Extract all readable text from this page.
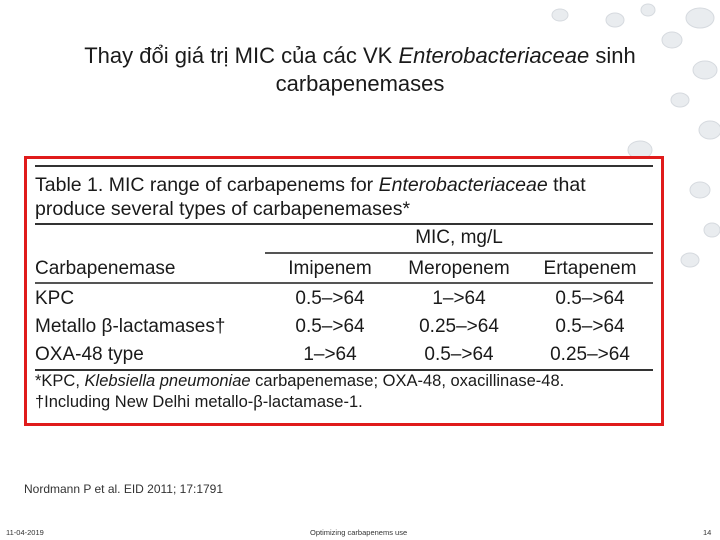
Thay đổi giá trị MIC của các VK Enterobacteriaceae sinh
carbapenemases
Table 1. MIC range of carbapenems for Enterobacteriaceae that produce several types of carbapenemases*
MIC, mg/L
Carbapenemase	Imipenem	Meropenem	Ertapenem
KPC	0.5–>64	1–>64	0.5–>64
Metallo β-lactamases†	0.5–>64	0.25–>64	0.5–>64
OXA-48 type	1–>64	0.5–>64	0.25–>64
*KPC, Klebsiella pneumoniae carbapenemase; OXA-48, oxacillinase-48.
†Including New Delhi metallo-β-lactamase-1.
Nordmann P et al. EID 2011; 17:1791
11-04-2019	Optimizing carbapenems use	14
